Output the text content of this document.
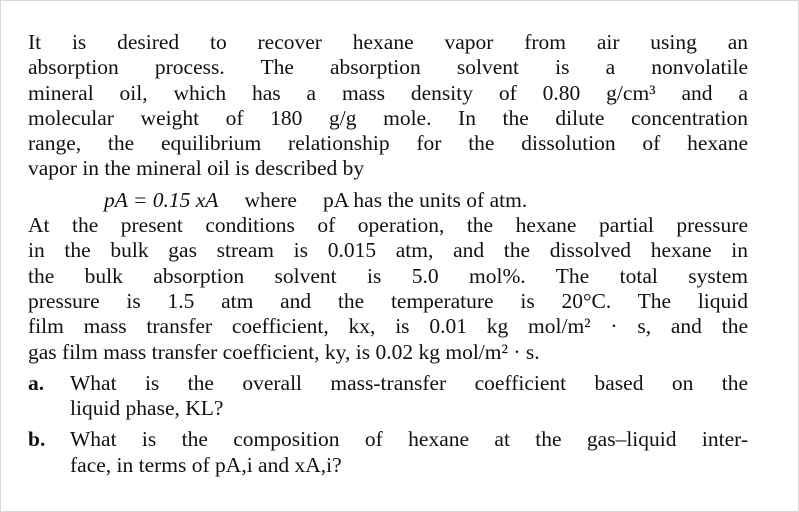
It is desired to recover hexane vapor from air using an
absorption process. The absorption solvent is a nonvolatile
mineral oil, which has a mass density of 0.80 g/cm³ and a
molecular weight of 180 g/g mole. In the dilute concentration
range, the equilibrium relationship for the dissolution of hexane
vapor in the mineral oil is described by
pA = 0.15 xA where pA has the units of atm.
At the present conditions of operation, the hexane partial pressure
in the bulk gas stream is 0.015 atm, and the dissolved hexane in
the bulk absorption solvent is 5.0 mol%. The total system
pressure is 1.5 atm and the temperature is 20°C. The liquid
film mass transfer coefficient, kx, is 0.01 kg mol/m² · s, and the
gas film mass transfer coefficient, ky, is 0.02 kg mol/m² · s.
a.	What is the overall mass-transfer coefficient based on the
liquid phase, KL?
b.	What is the composition of hexane at the gas–liquid inter-
face, in terms of pA,i and xA,i?
